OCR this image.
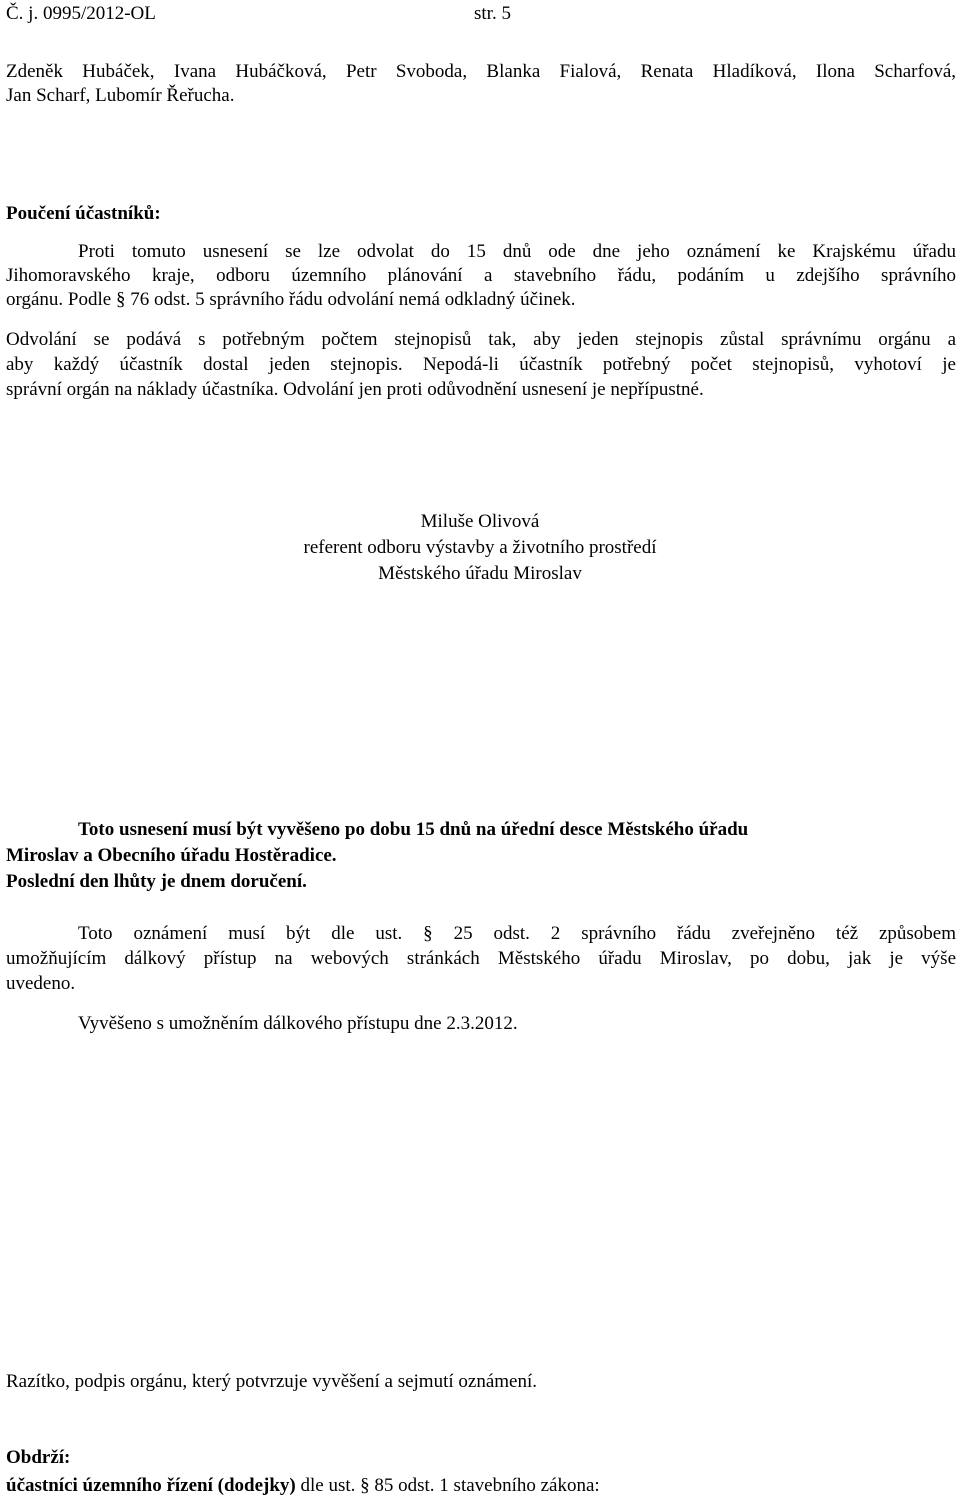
Č. j. 0995/2012-OL	str. 5
Zdeněk Hubáček, Ivana Hubáčková, Petr Svoboda, Blanka Fialová, Renata Hladíková, Ilona Scharfová,
Jan Scharf, Lubomír Řeřucha.
Poučení účastníků:
Proti tomuto usnesení se lze odvolat do 15 dnů ode dne jeho oznámení ke Krajskému úřadu
Jihomoravského kraje, odboru územního plánování a stavebního řádu, podáním u zdejšího správního
orgánu. Podle § 76 odst. 5 správního řádu odvolání nemá odkladný účinek.
Odvolání se podává s potřebným počtem stejnopisů tak, aby jeden stejnopis zůstal správnímu orgánu a
aby každý účastník dostal jeden stejnopis. Nepodá-li účastník potřebný počet stejnopisů, vyhotoví je
správní orgán na náklady účastníka. Odvolání jen proti odůvodnění usnesení je nepřípustné.
Miluše Olivová
referent odboru výstavby a životního prostředí
Městského úřadu Miroslav
Toto usnesení musí být vyvěšeno po dobu 15 dnů na úřední desce Městského úřadu
Miroslav a Obecního úřadu Hostěradice.
Poslední den lhůty je dnem doručení.
Toto oznámení musí být dle ust. § 25 odst. 2 správního řádu zveřejněno též způsobem
umožňujícím dálkový přístup na webových stránkách Městského úřadu Miroslav, po dobu, jak je výše
uvedeno.
Vyvěšeno s umožněním dálkového přístupu dne 2.3.2012.
Razítko, podpis orgánu, který potvrzuje vyvěšení a sejmutí oznámení.
Obdrží:
účastníci územního řízení (dodejky) dle ust. § 85 odst. 1 stavebního zákona:
